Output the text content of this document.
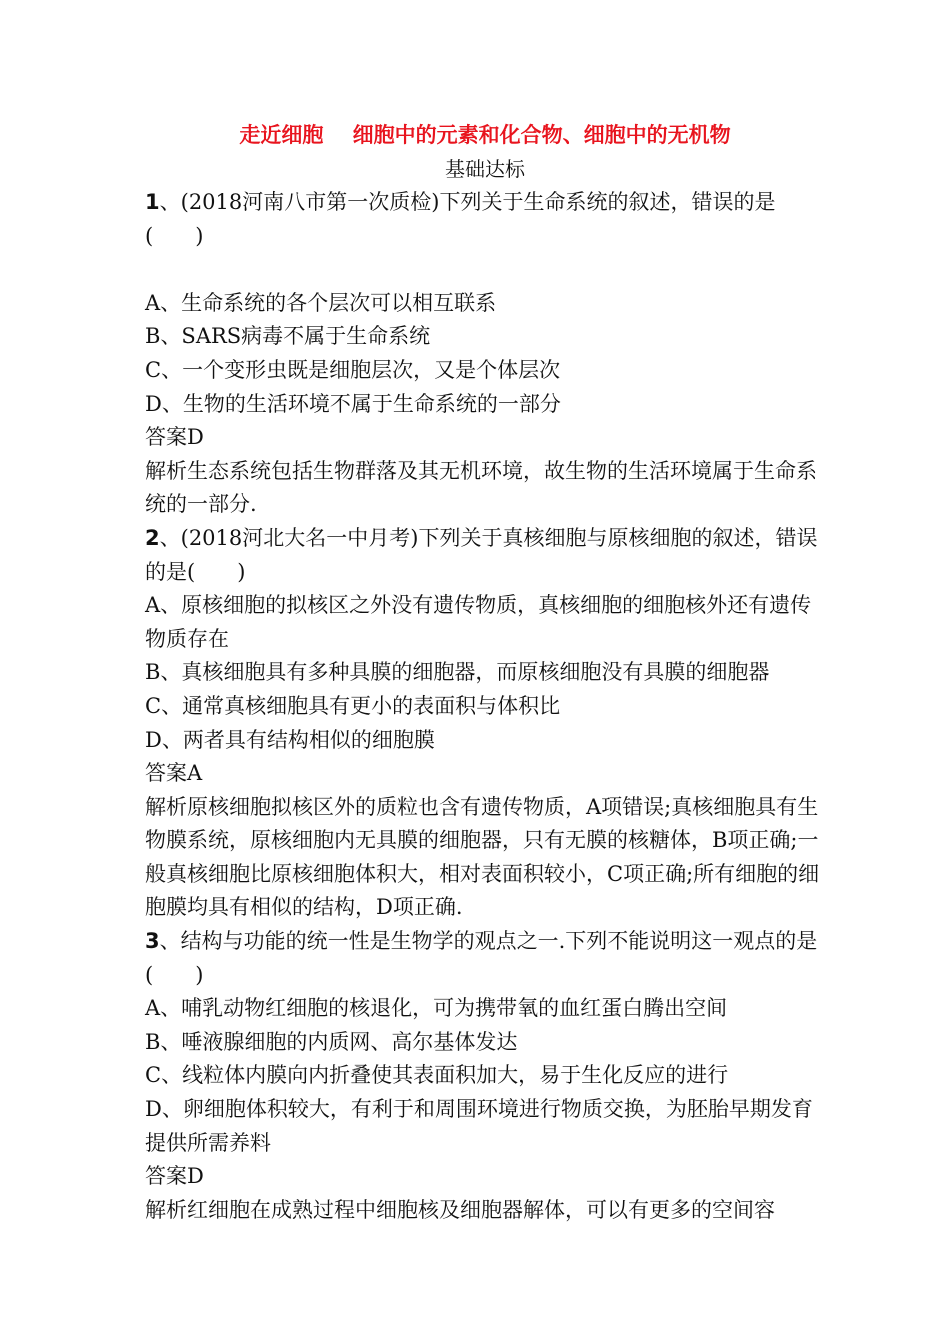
走近细胞    细胞中的元素和化合物、细胞中的无机物
基础达标
1、(2018河南八市第一次质检)下列关于生命系统的叙述，错误的是(　　)
A、生命系统的各个层次可以相互联系
B、SARS病毒不属于生命系统
C、一个变形虫既是细胞层次，又是个体层次
D、生物的生活环境不属于生命系统的一部分
答案D
解析生态系统包括生物群落及其无机环境，故生物的生活环境属于生命系统的一部分.
2、(2018河北大名一中月考)下列关于真核细胞与原核细胞的叙述，错误的是(　　)
A、原核细胞的拟核区之外没有遗传物质，真核细胞的细胞核外还有遗传物质存在
B、真核细胞具有多种具膜的细胞器，而原核细胞没有具膜的细胞器
C、通常真核细胞具有更小的表面积与体积比
D、两者具有结构相似的细胞膜
答案A
解析原核细胞拟核区外的质粒也含有遗传物质，A项错误;真核细胞具有生物膜系统，原核细胞内无具膜的细胞器，只有无膜的核糖体，B项正确;一般真核细胞比原核细胞体积大，相对表面积较小，C项正确;所有细胞的细胞膜均具有相似的结构，D项正确.
3、结构与功能的统一性是生物学的观点之一.下列不能说明这一观点的是(　　)
A、哺乳动物红细胞的核退化，可为携带氧的血红蛋白腾出空间
B、唾液腺细胞的内质网、高尔基体发达
C、线粒体内膜向内折叠使其表面积加大，易于生化反应的进行
D、卵细胞体积较大，有利于和周围环境进行物质交换，为胚胎早期发育提供所需养料
答案D
解析红细胞在成熟过程中细胞核及细胞器解体，可以有更多的空间容
